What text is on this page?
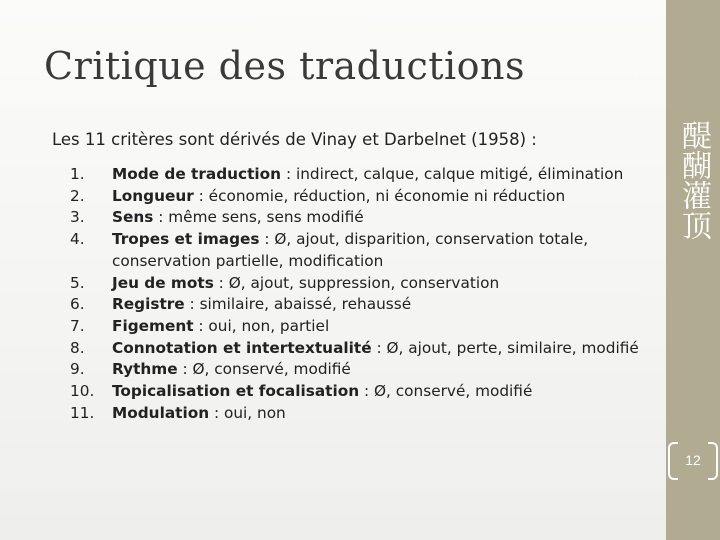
Critique des traductions
Les 11 critères sont dérivés de Vinay et Darbelnet (1958) :
1.	Mode de traduction : indirect, calque, calque mitigé, élimination
2.	Longueur : économie, réduction, ni économie ni réduction
3.	Sens : même sens, sens modifié
4.	Tropes et images : Ø, ajout, disparition, conservation totale, conservation partielle, modification
5.	Jeu de mots : Ø, ajout, suppression, conservation
6.	Registre : similaire, abaissé, rehaussé
7.	Figement : oui, non, partiel
8.	Connotation et intertextualité : Ø, ajout, perte, similaire, modifié
9.	Rythme : Ø, conservé, modifié
10.	Topicalisation et focalisation : Ø, conservé, modifié
11.	Modulation : oui, non
醍醐灌顶
12
